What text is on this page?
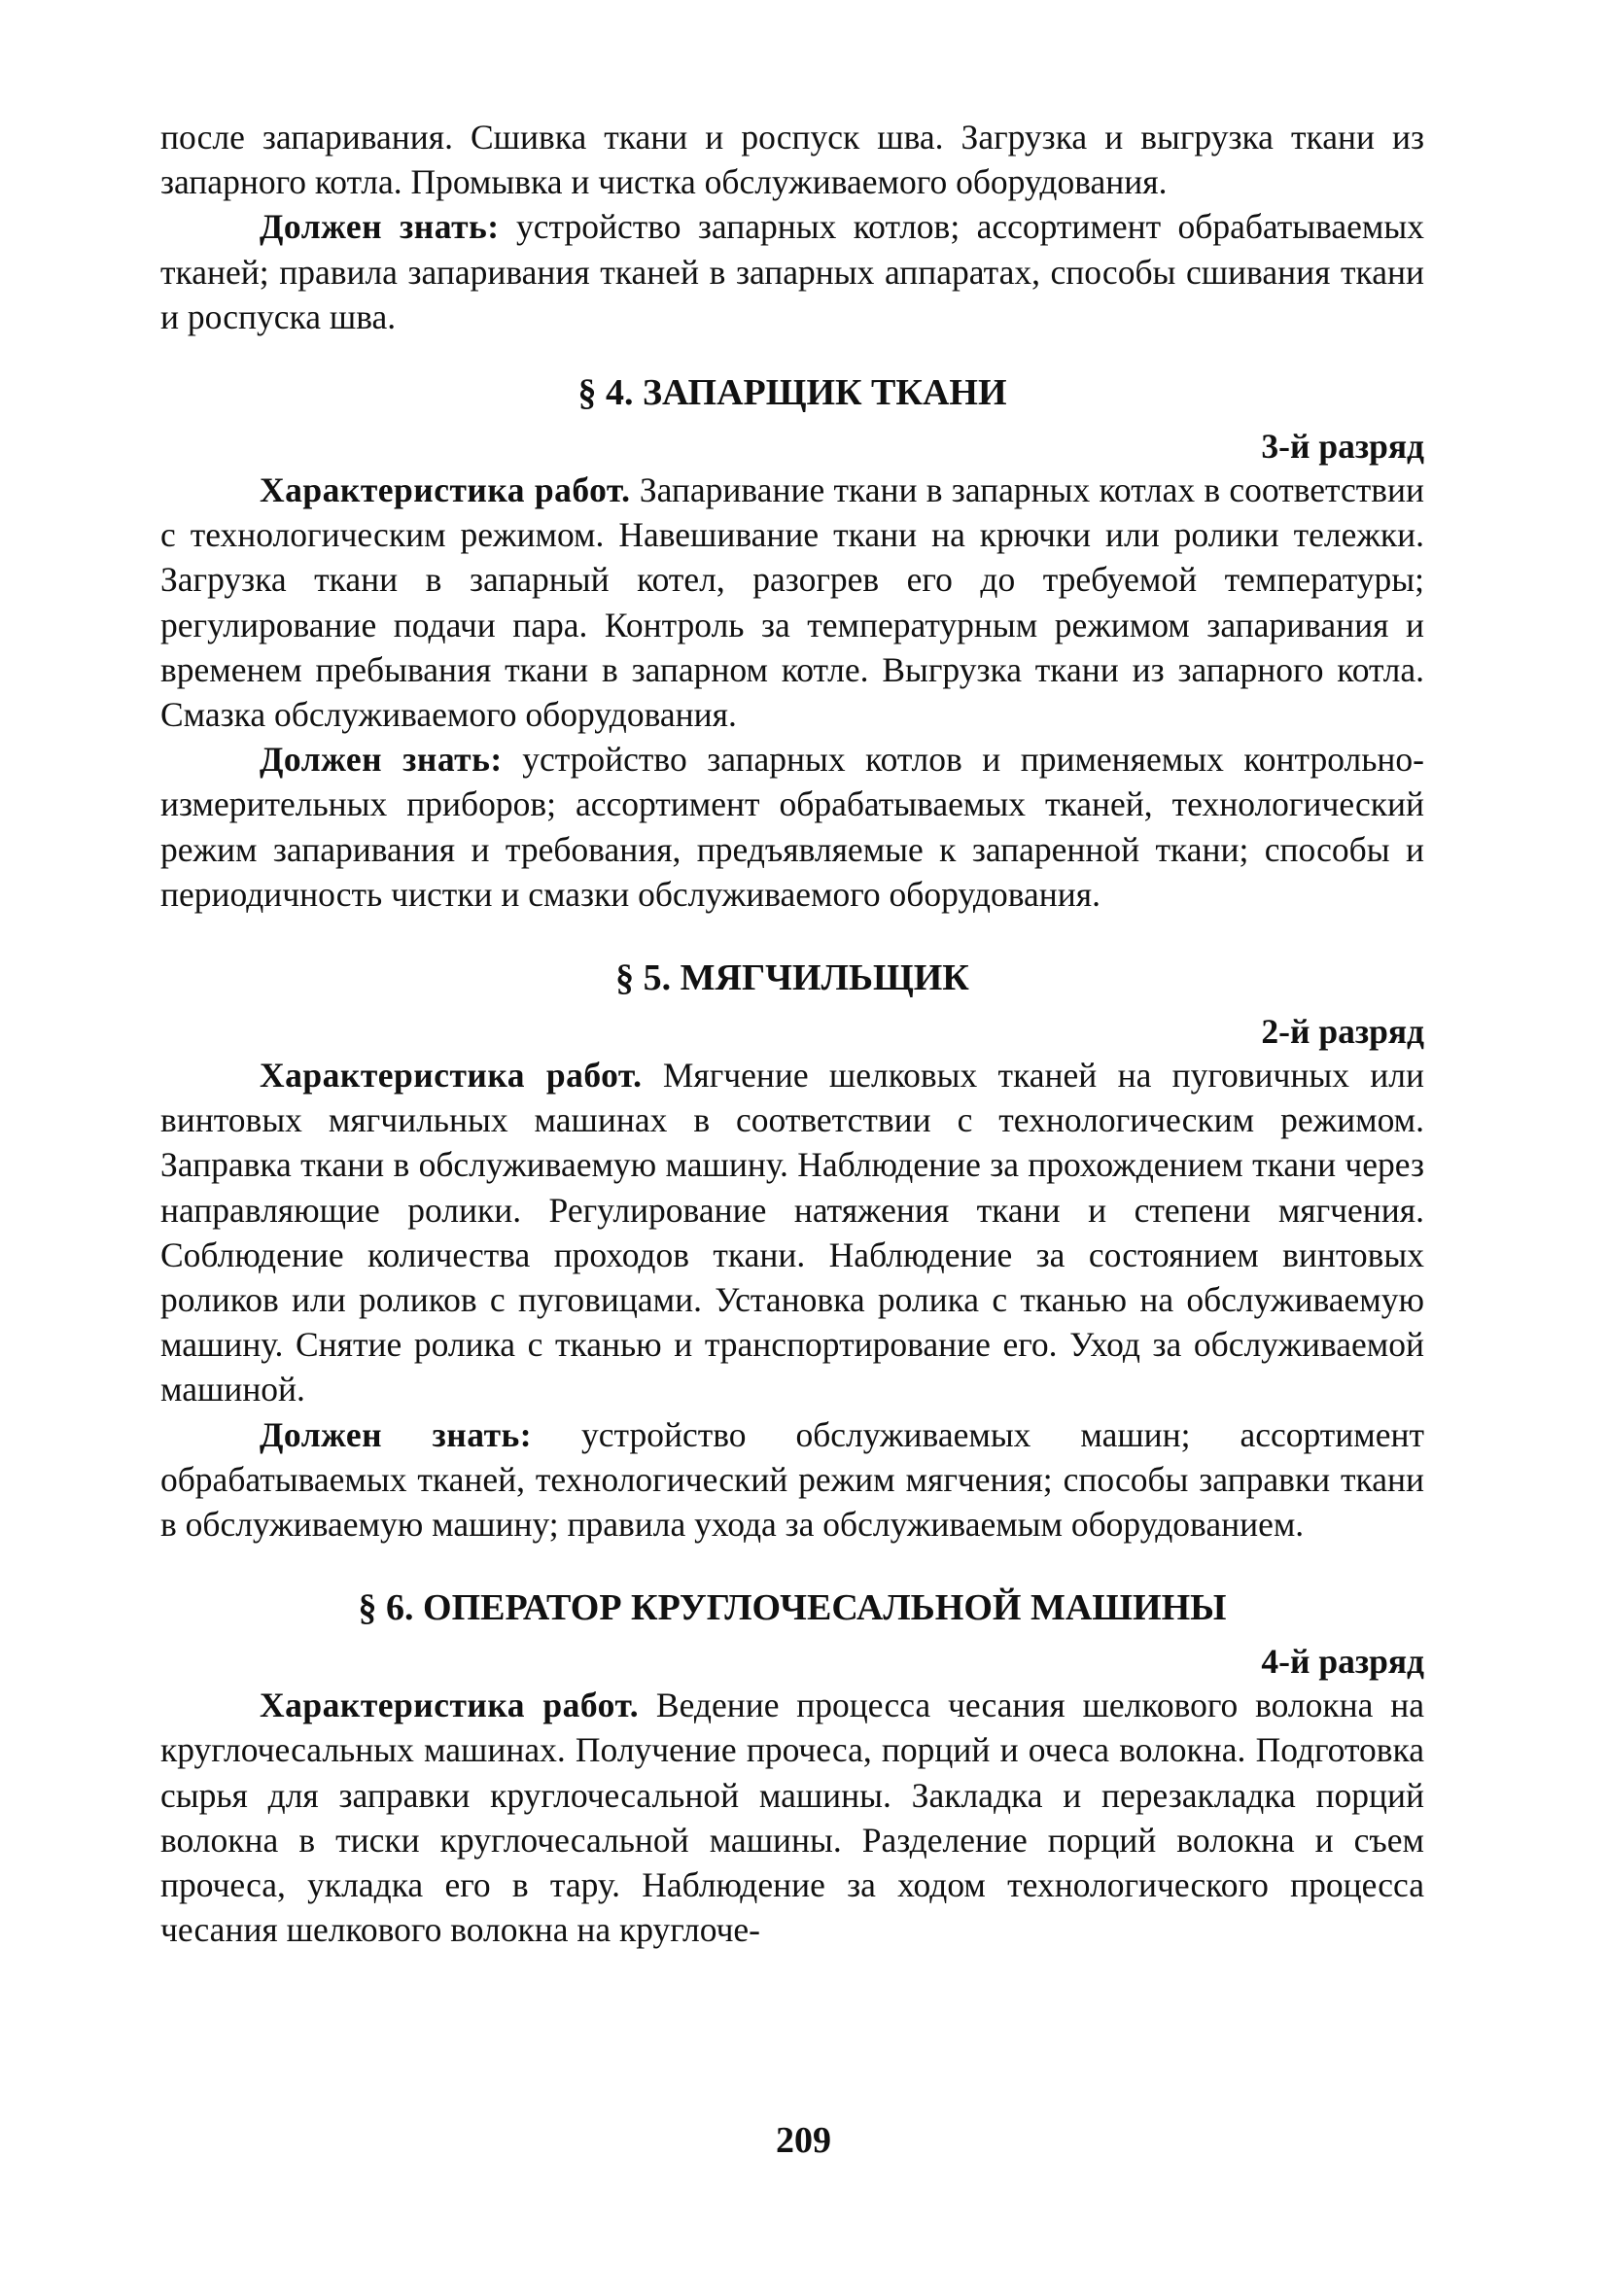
после запаривания. Сшивка ткани и роспуск шва. Загрузка и выгрузка ткани из запарного котла. Промывка и чистка обслуживаемого оборудования.

Должен знать: устройство запарных котлов; ассортимент обрабатываемых тканей; правила запаривания тканей в запарных аппаратах, способы сшивания ткани и роспуска шва.

§ 4. ЗАПАРЩИК ТКАНИ

3-й разряд

Характеристика работ. Запаривание ткани в запарных котлах в соответствии с технологическим режимом. Навешивание ткани на крючки или ролики тележки. Загрузка ткани в запарный котел, разогрев его до требуемой температуры; регулирование подачи пара. Контроль за температурным режимом запаривания и временем пребывания ткани в запарном котле. Выгрузка ткани из запарного котла. Смазка обслуживаемого оборудования.

Должен знать: устройство запарных котлов и применяемых контрольно-измерительных приборов; ассортимент обрабатываемых тканей, технологический режим запаривания и требования, предъявляемые к запаренной ткани; способы и периодичность чистки и смазки обслуживаемого оборудования.

§ 5. МЯГЧИЛЬЩИК

2-й разряд

Характеристика работ. Мягчение шелковых тканей на пуговичных или винтовых мягчильных машинах в соответствии с технологическим режимом. Заправка ткани в обслуживаемую машину. Наблюдение за прохождением ткани через направляющие ролики. Регулирование натяжения ткани и степени мягчения. Соблюдение количества проходов ткани. Наблюдение за состоянием винтовых роликов или роликов с пуговицами. Установка ролика с тканью на обслуживаемую машину. Снятие ролика с тканью и транспортирование его. Уход за обслуживаемой машиной.

Должен знать: устройство обслуживаемых машин; ассортимент обрабатываемых тканей, технологический режим мягчения; способы заправки ткани в обслуживаемую машину; правила ухода за обслуживаемым оборудованием.

§ 6. ОПЕРАТОР КРУГЛОЧЕСАЛЬНОЙ МАШИНЫ

4-й разряд

Характеристика работ. Ведение процесса чесания шелкового волокна на круглочесальных машинах. Получение прочеса, порций и очеса волокна. Подготовка сырья для заправки круглочесальной машины. Закладка и перезакладка порций волокна в тиски круглочесальной машины. Разделение порций волокна и съем прочеса, укладка его в тару. Наблюдение за ходом технологического процесса чесания шелкового волокна на круглоче-

209
